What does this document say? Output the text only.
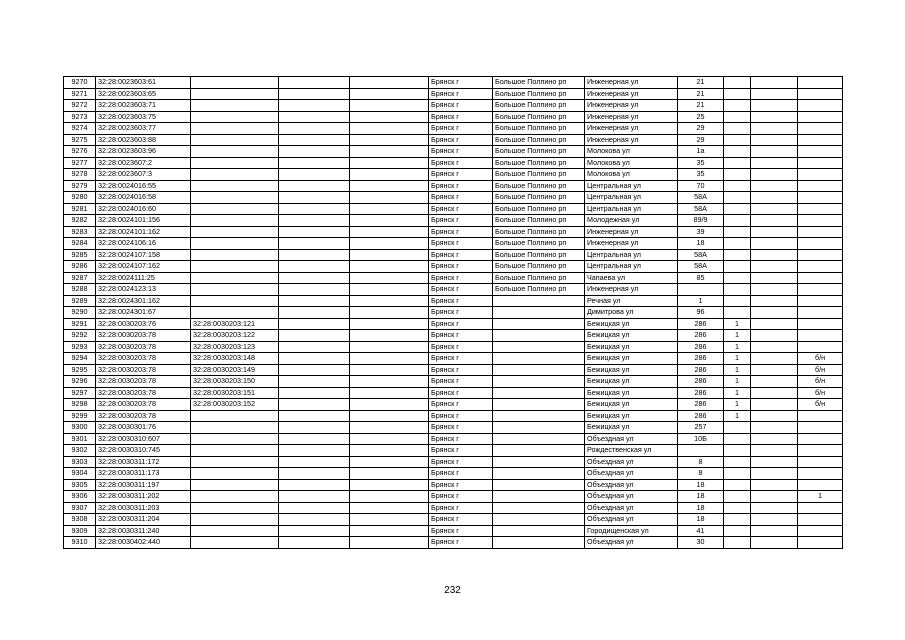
9270	32:28:0023603:61				Брянск г	Большое Полпино рп	Инженерная ул	21			
9271	32:28:0023603:65				Брянск г	Большое Полпино рп	Инженерная ул	21			
9272	32:28:0023603:71				Брянск г	Большое Полпино рп	Инженерная ул	21			
9273	32:28:0023603:75				Брянск г	Большое Полпино рп	Инженерная ул	25			
9274	32:28:0023603:77				Брянск г	Большое Полпино рп	Инженерная ул	29			
9275	32:28:0023603:88				Брянск г	Большое Полпино рп	Инженерная ул	29			
9276	32:28:0023603:96				Брянск г	Большое Полпино рп	Молокова ул	1а			
9277	32:28:0023607:2				Брянск г	Большое Полпино рп	Молокова ул	35			
9278	32:28:0023607:3				Брянск г	Большое Полпино рп	Молокова ул	35			
9279	32:28:0024016:55				Брянск г	Большое Полпино рп	Центральная ул	70			
9280	32:28:0024016:58				Брянск г	Большое Полпино рп	Центральная ул	58А			
9281	32:28:0024016:60				Брянск г	Большое Полпино рп	Центральная ул	58А			
9282	32:28:0024101:156				Брянск г	Большое Полпино рп	Молодежная ул	89/9			
9283	32:28:0024101:162				Брянск г	Большое Полпино рп	Инженерная ул	39			
9284	32:28:0024106:16				Брянск г	Большое Полпино рп	Инженерная ул	18			
9285	32:28:0024107:158				Брянск г	Большое Полпино рп	Центральная ул	58А			
9286	32:28:0024107:162				Брянск г	Большое Полпино рп	Центральная ул	58А			
9287	32:28:0024111:25				Брянск г	Большое Полпино рп	Чапаева ул	85			
9288	32:28:0024123:13				Брянск г	Большое Полпино рп	Инженерная ул				
9289	32:28:0024301:162				Брянск г		Речная ул	1			
9290	32:28:0024301:67				Брянск г		Димитрова ул	96			
9291	32:28:0030203:76	32:28:0030203:121			Брянск г		Бежицкая ул	286	1		
9292	32:28:0030203:78	32:28:0030203:122			Брянск г		Бежицкая ул	286	1		
9293	32:28:0030203:78	32:28:0030203:123			Брянск г		Бежицкая ул	286	1		
9294	32:28:0030203:78	32:28:0030203:148			Брянск г		Бежицкая ул	286	1		б/н
9295	32:28:0030203:78	32:28:0030203:149			Брянск г		Бежицкая ул	286	1		б/н
9296	32:28:0030203:78	32:28:0030203:150			Брянск г		Бежицкая ул	286	1		б/н
9297	32:28:0030203:78	32:28:0030203:151			Брянск г		Бежицкая ул	286	1		б/н
9298	32:28:0030203:78	32:28:0030203:152			Брянск г		Бежицкая ул	286	1		б/н
9299	32:28:0030203:78				Брянск г		Бежицкая ул	286	1		
9300	32:28:0030301:76				Брянск г		Бежицкая ул	257			
9301	32:28:0030310:607				Брянск г		Объездная ул	10Б			
9302	32:28:0030310:745				Брянск г		Рождественская ул				
9303	32:28:0030311:172				Брянск г		Объездная ул	8			
9304	32:28:0030311:173				Брянск г		Объездная ул	8			
9305	32:28:0030311:197				Брянск г		Объездная ул	18			
9306	32:28:0030311:202				Брянск г		Объездная ул	18			1
9307	32:28:0030311:203				Брянск г		Объездная ул	18			
9308	32:28:0030311:204				Брянск г		Объездная ул	18			
9309	32:28:0030311:240				Брянск г		Городищенская ул	41			
9310	32:28:0030402:440				Брянск г		Объездная ул	30			
232
